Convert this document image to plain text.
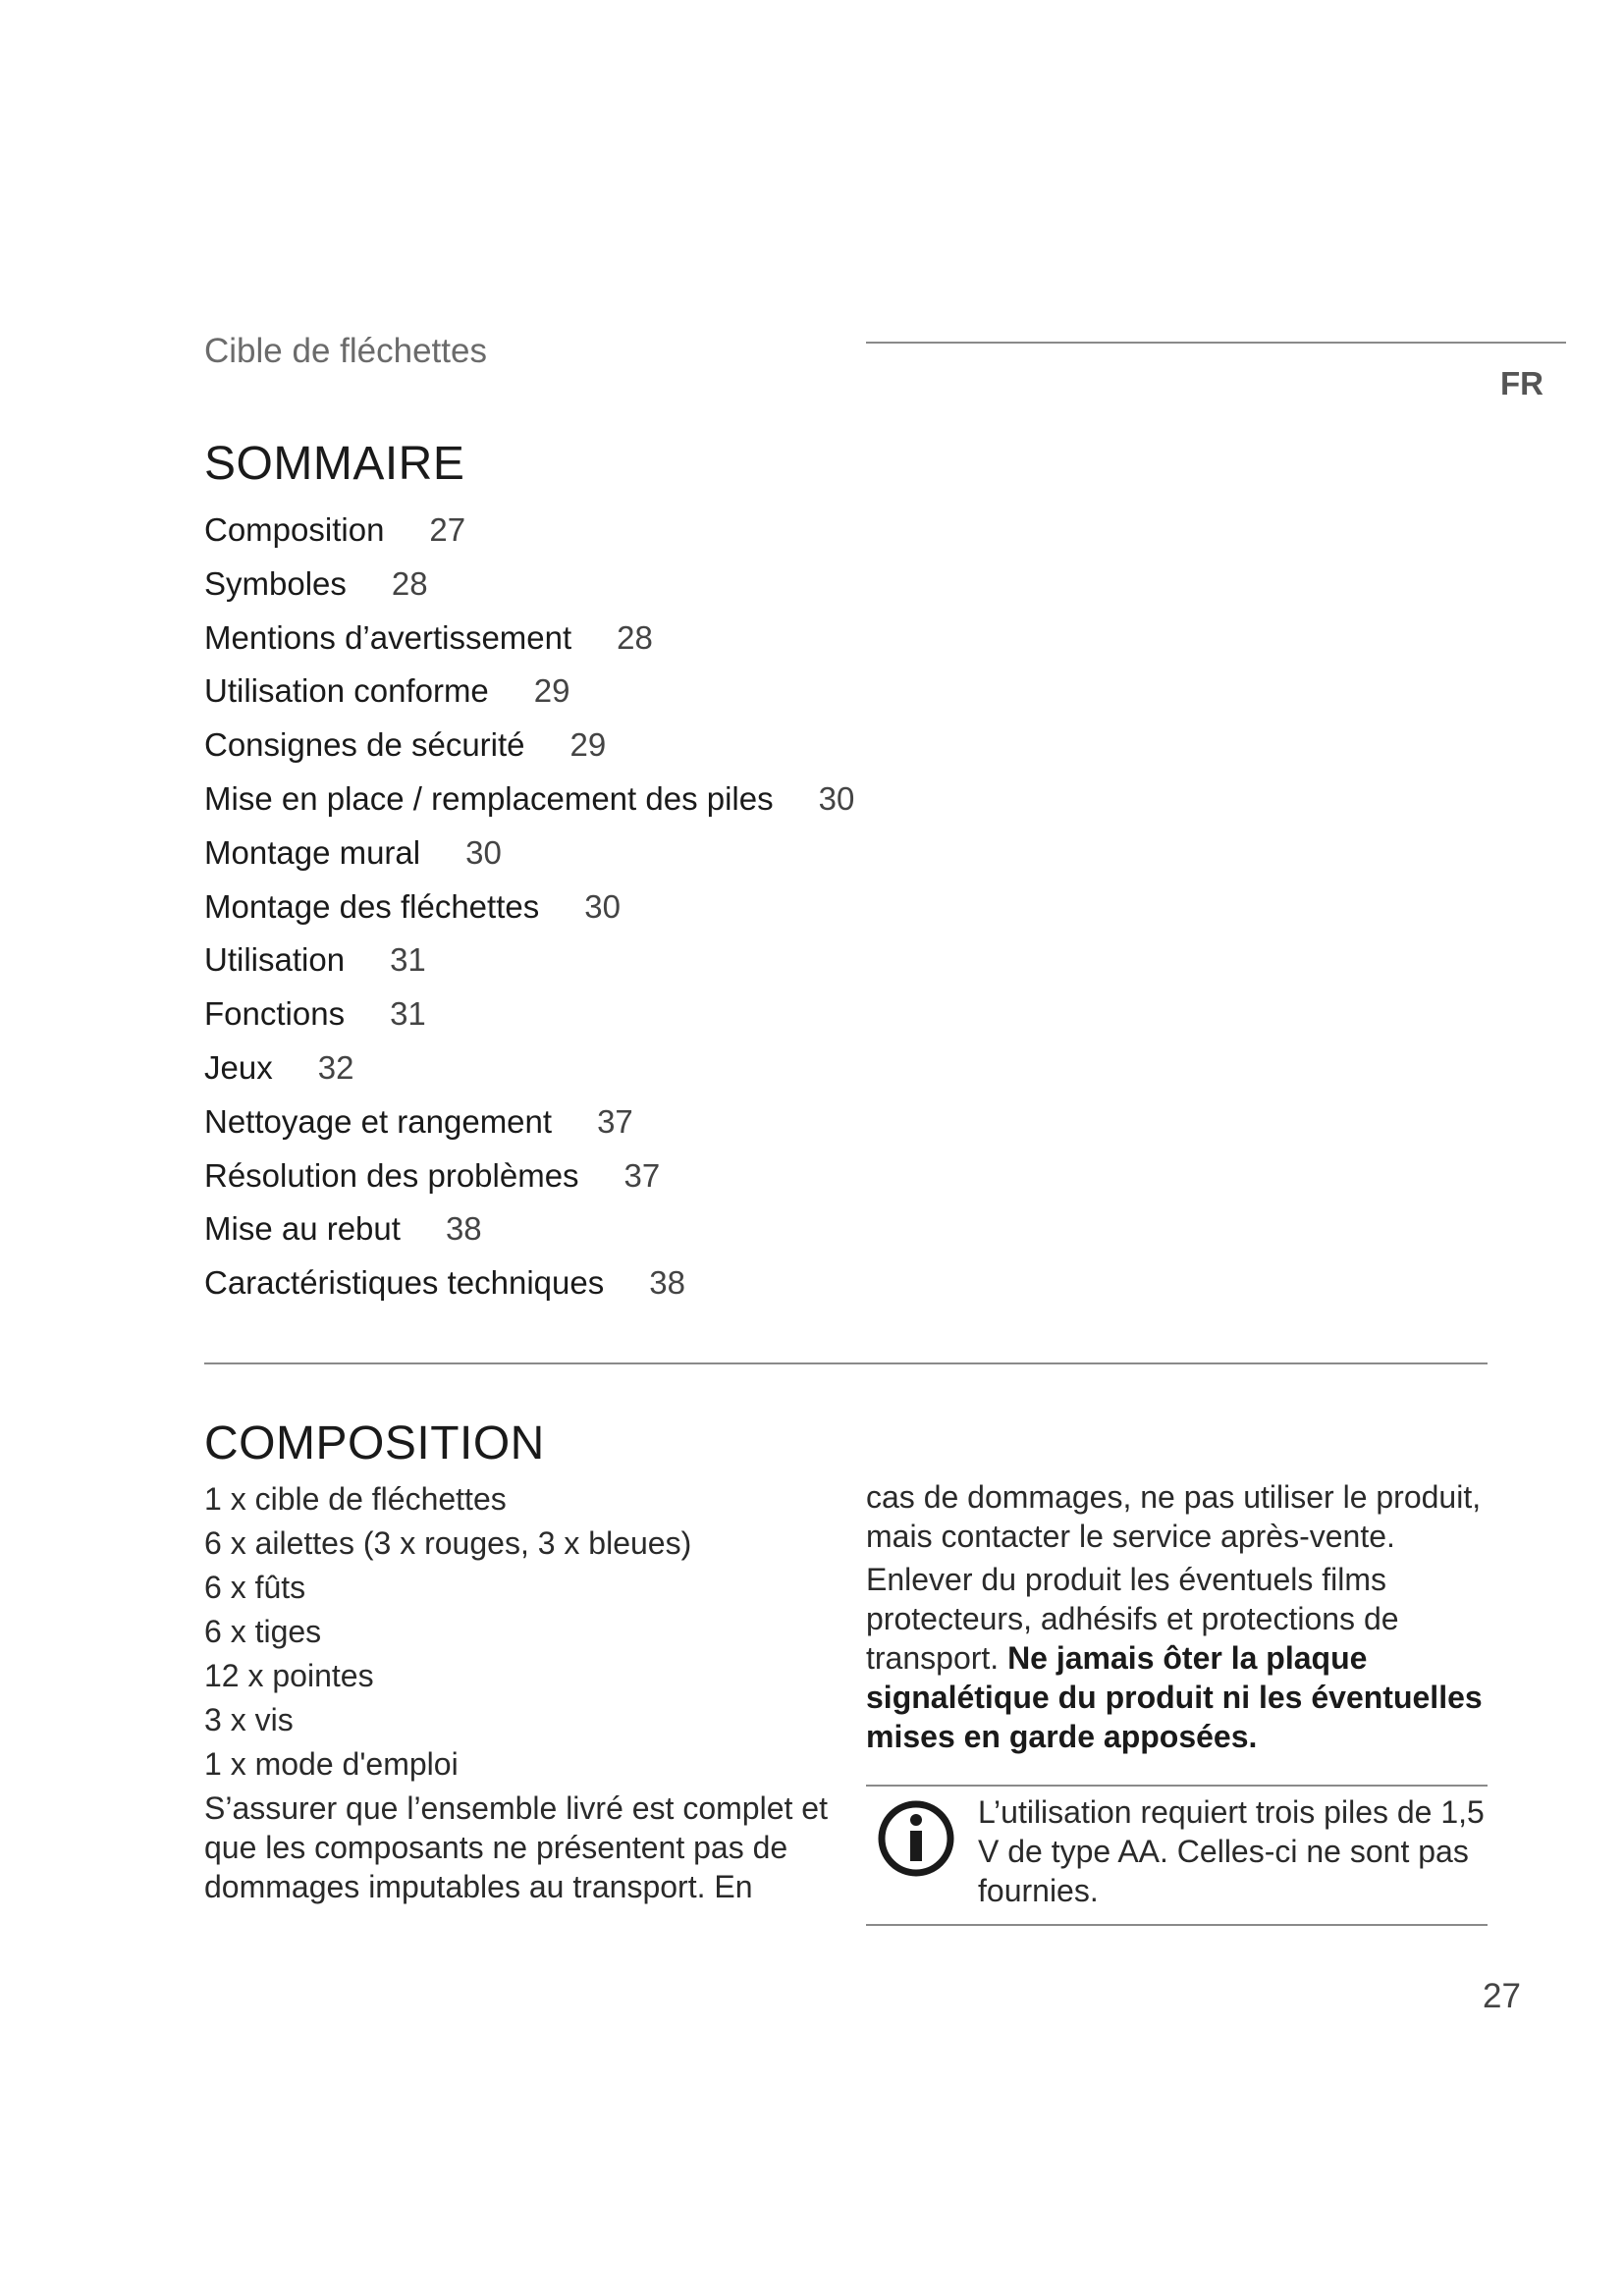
Cible de fléchettes
FR
SOMMAIRE
Composition 27
Symboles 28
Mentions d’avertissement 28
Utilisation conforme 29
Consignes de sécurité 29
Mise en place / remplacement des piles 30
Montage mural 30
Montage des fléchettes 30
Utilisation 31
Fonctions 31
Jeux 32
Nettoyage et rangement 37
Résolution des problèmes 37
Mise au rebut 38
Caractéristiques techniques 38
COMPOSITION
1 x cible de fléchettes
6 x ailettes (3 x rouges, 3 x bleues)
6 x fûts
6 x tiges
12 x pointes
3 x vis
1 x mode d'emploi
S’assurer que l’ensemble livré est complet et que les composants ne présentent pas de dommages imputables au transport. En
cas de dommages, ne pas utiliser le produit, mais contacter le service après-vente.
Enlever du produit les éventuels films protecteurs, adhésifs et protections de transport. Ne jamais ôter la plaque signalétique du produit ni les éventuelles mises en garde apposées.
L’utilisation requiert trois piles de 1,5 V de type AA. Celles-ci ne sont pas fournies.
27
